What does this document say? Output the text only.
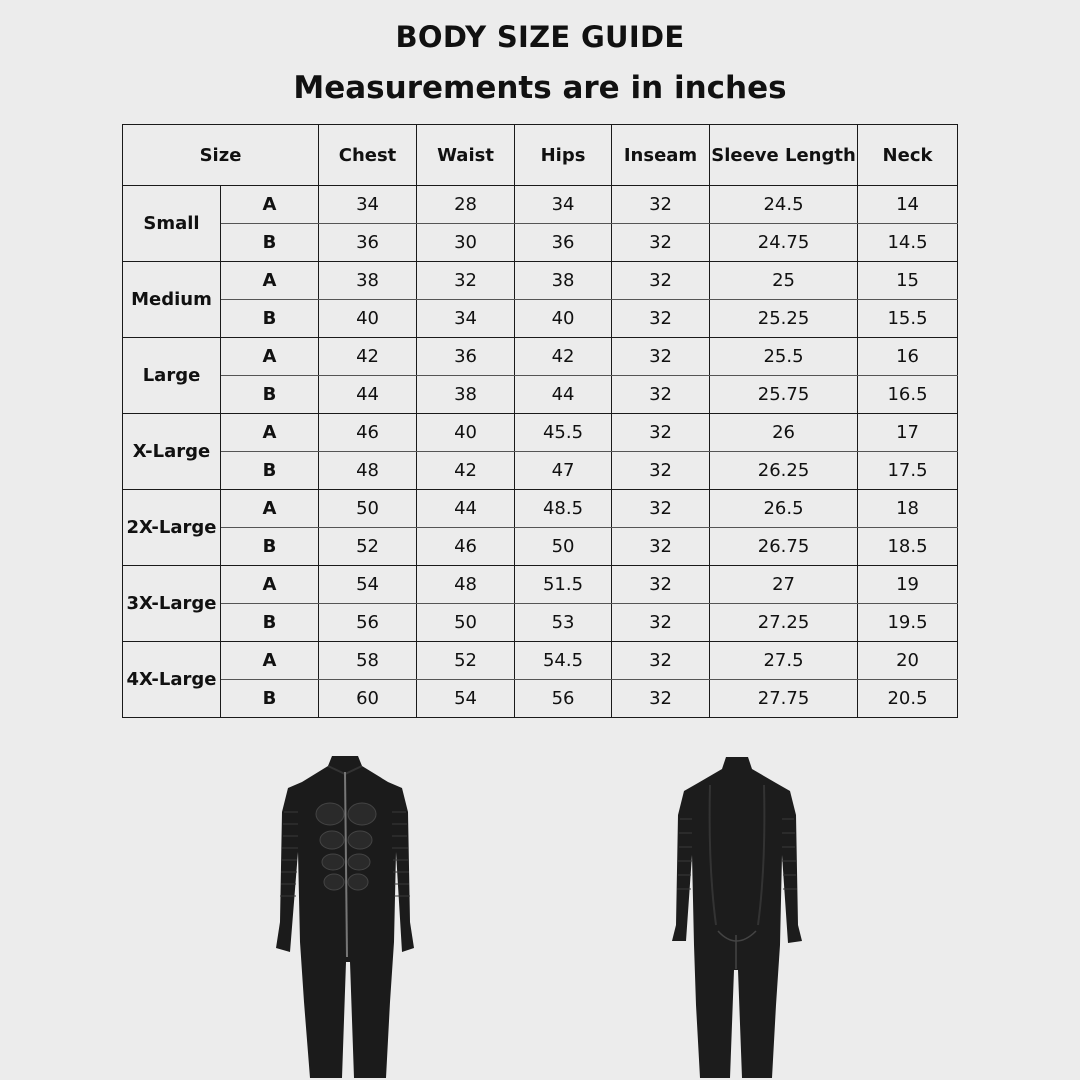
BODY SIZE GUIDE
Measurements are in inches
Size		Chest	Waist	Hips	Inseam	Sleeve Length	Neck
Small	A	34	28	34	32	24.5	14
	B	36	30	36	32	24.75	14.5
Medium	A	38	32	38	32	25	15
	B	40	34	40	32	25.25	15.5
Large	A	42	36	42	32	25.5	16
	B	44	38	44	32	25.75	16.5
X-Large	A	46	40	45.5	32	26	17
	B	48	42	47	32	26.25	17.5
2X-Large	A	50	44	48.5	32	26.5	18
	B	52	46	50	32	26.75	18.5
3X-Large	A	54	48	51.5	32	27	19
	B	56	50	53	32	27.25	19.5
4X-Large	A	58	52	54.5	32	27.5	20
	B	60	54	56	32	27.75	20.5
